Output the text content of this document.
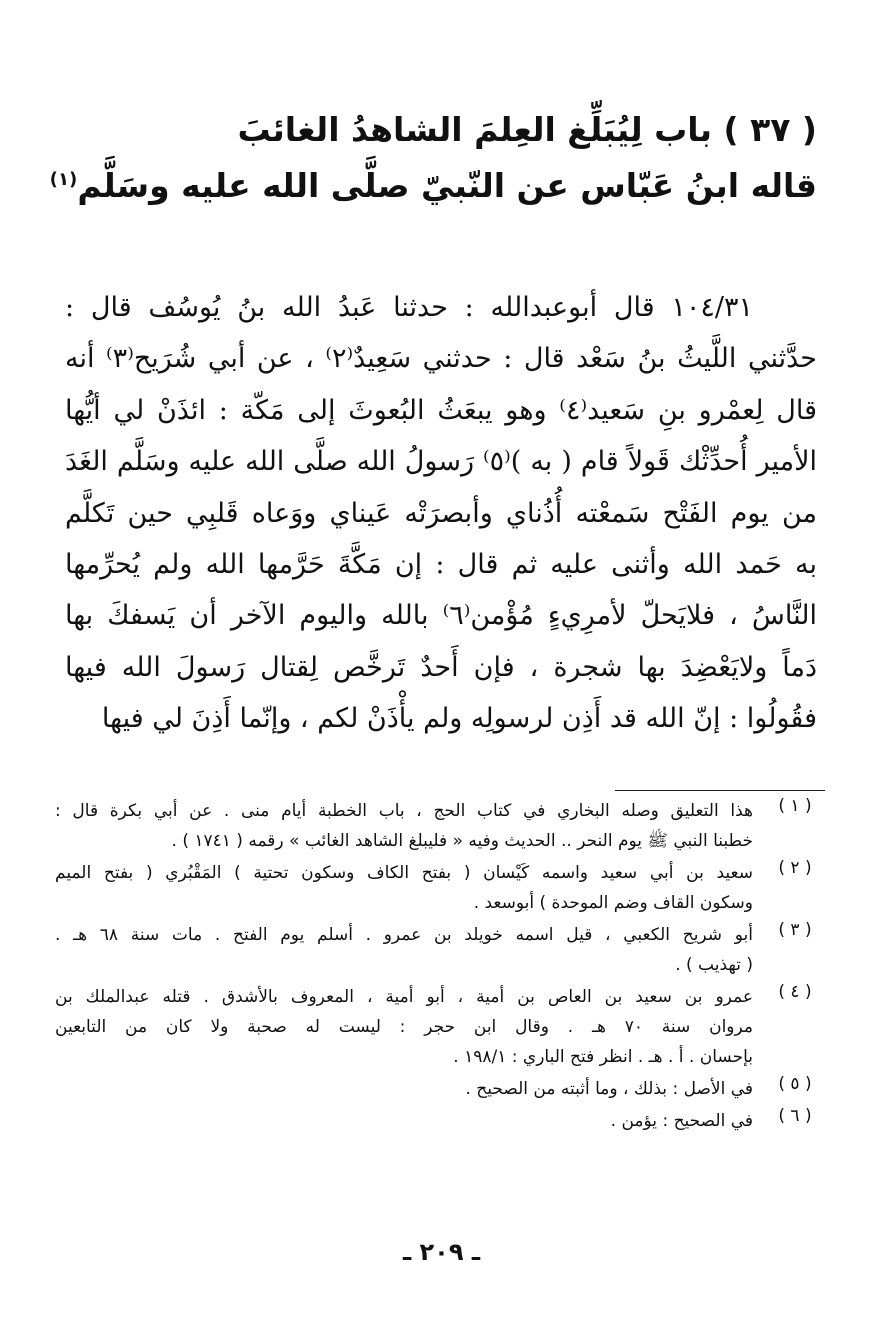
( ٣٧ ) باب لِيُبَلِّغ العِلمَ الشاهدُ الغائبَ
قاله ابنُ عَبّاس عن النّبيّ صلَّى الله عليه وسَلَّم$^{(١)}$
١٠٤/٣١ قال أبوعبدالله : حدثنا عَبدُ الله بنُ يُوسُف قال :
حدَّثني اللَّيثُ بنُ سَعْد قال : حدثني سَعِيدٌ⁽٢⁾ ، عن أبي شُرَيح⁽٣⁾ أنه
قال لِعمْرو بنِ سَعيد⁽٤⁾ وهو يبعَثُ البُعوثَ إلى مَكّة : ائذَنْ لي أيُّها
الأمير أُحدِّثْك قَولاً قام ( به )⁽٥⁾ رَسولُ الله صلَّى الله عليه وسَلَّم الغَدَ
من يوم الفَتْح سَمعْته أُذُناي وأبصرَتْه عَيناي ووَعاه قَلبِي حين تَكلَّم
به حَمد الله وأثنى عليه ثم قال : إن مَكَّةَ حَرَّمها الله ولم يُحرِّمها
النَّاسُ ، فلايَحلّ لأمرِيءٍ مُؤْمن⁽٦⁾ بالله واليوم الآخر أن يَسفكَ بها
دَماً ولايَعْضِدَ بها شجرة ، فإن أَحدٌ تَرخَّص لِقتال رَسولَ الله فيها
فقُولُوا : إنّ الله قد أَذِن لرسولِه ولم يأْذَنْ لكم ، وإنّما أَذِنَ لي فيها
( ١ )
هذا التعليق وصله البخاري في كتاب الحج ، باب الخطبة أيام منى . عن أبي بكرة قال :
خطبنا النبي ﷺ يوم النحر .. الحديث وفيه « فليبلغ الشاهد الغائب » رقمه ( ١٧٤١ ) .
( ٢ )
سعيد بن أبي سعيد واسمه كَيْسان ( بفتح الكاف وسكون تحتية ) المَقْبُري ( بفتح الميم
وسكون القاف وضم الموحدة ) أبوسعد .
( ٣ )
أبو شريح الكعبي ، قيل اسمه خويلد بن عمرو . أسلم يوم الفتح . مات سنة ٦٨ هـ .
( تهذيب ) .
( ٤ )
عمرو بن سعيد بن العاص بن أمية ، أبو أمية ، المعروف بالأشدق . قتله عبدالملك بن
مروان سنة ٧٠ هـ . وقال ابن حجر : ليست له صحبة ولا كان من التابعين
بإحسان . أ . هـ . انظر فتح الباري : ١٩٨/١ .
( ٥ )
في الأصل : بذلك ، وما أثبته من الصحيح .
( ٦ )
في الصحيح : يؤمن .
ـ ٢٠٩ ـ
